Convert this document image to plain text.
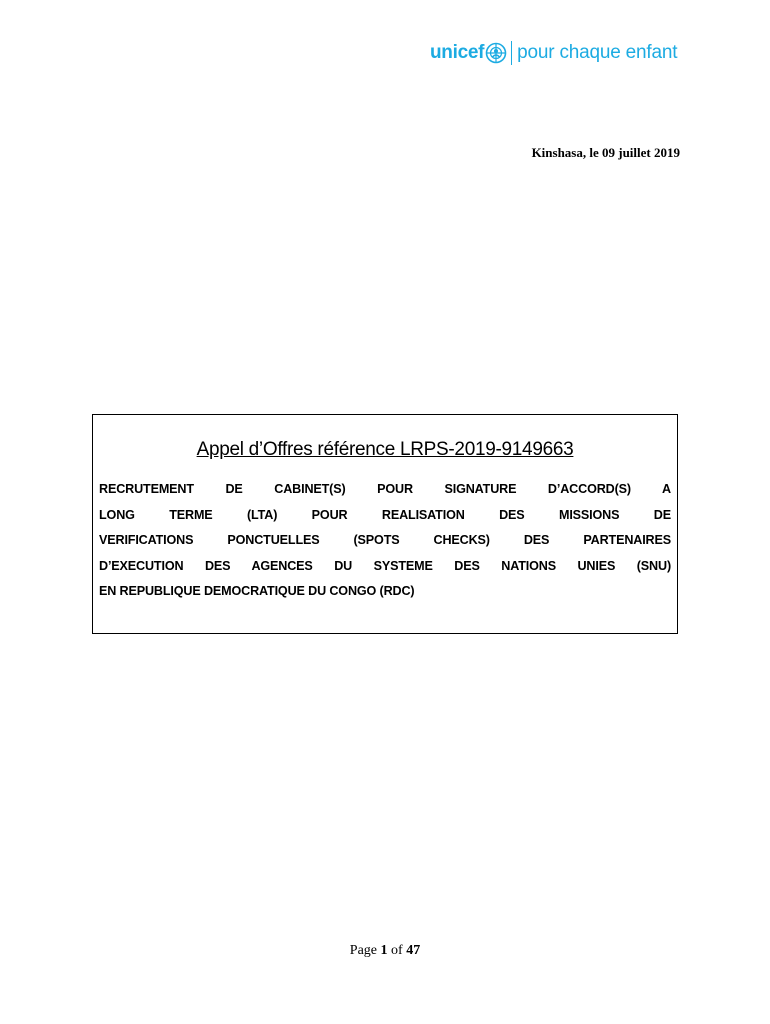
unicef pour chaque enfant
Kinshasa, le 09 juillet 2019
Appel d’Offres référence LRPS-2019-9149663
RECRUTEMENT DE CABINET(S) POUR SIGNATURE D’ACCORD(S) A
LONG TERME (LTA) POUR REALISATION DES MISSIONS DE
VERIFICATIONS PONCTUELLES (SPOTS CHECKS) DES PARTENAIRES
D’EXECUTION DES AGENCES DU SYSTEME DES NATIONS UNIES (SNU)
EN REPUBLIQUE DEMOCRATIQUE DU CONGO (RDC)
Page 1 of 47
